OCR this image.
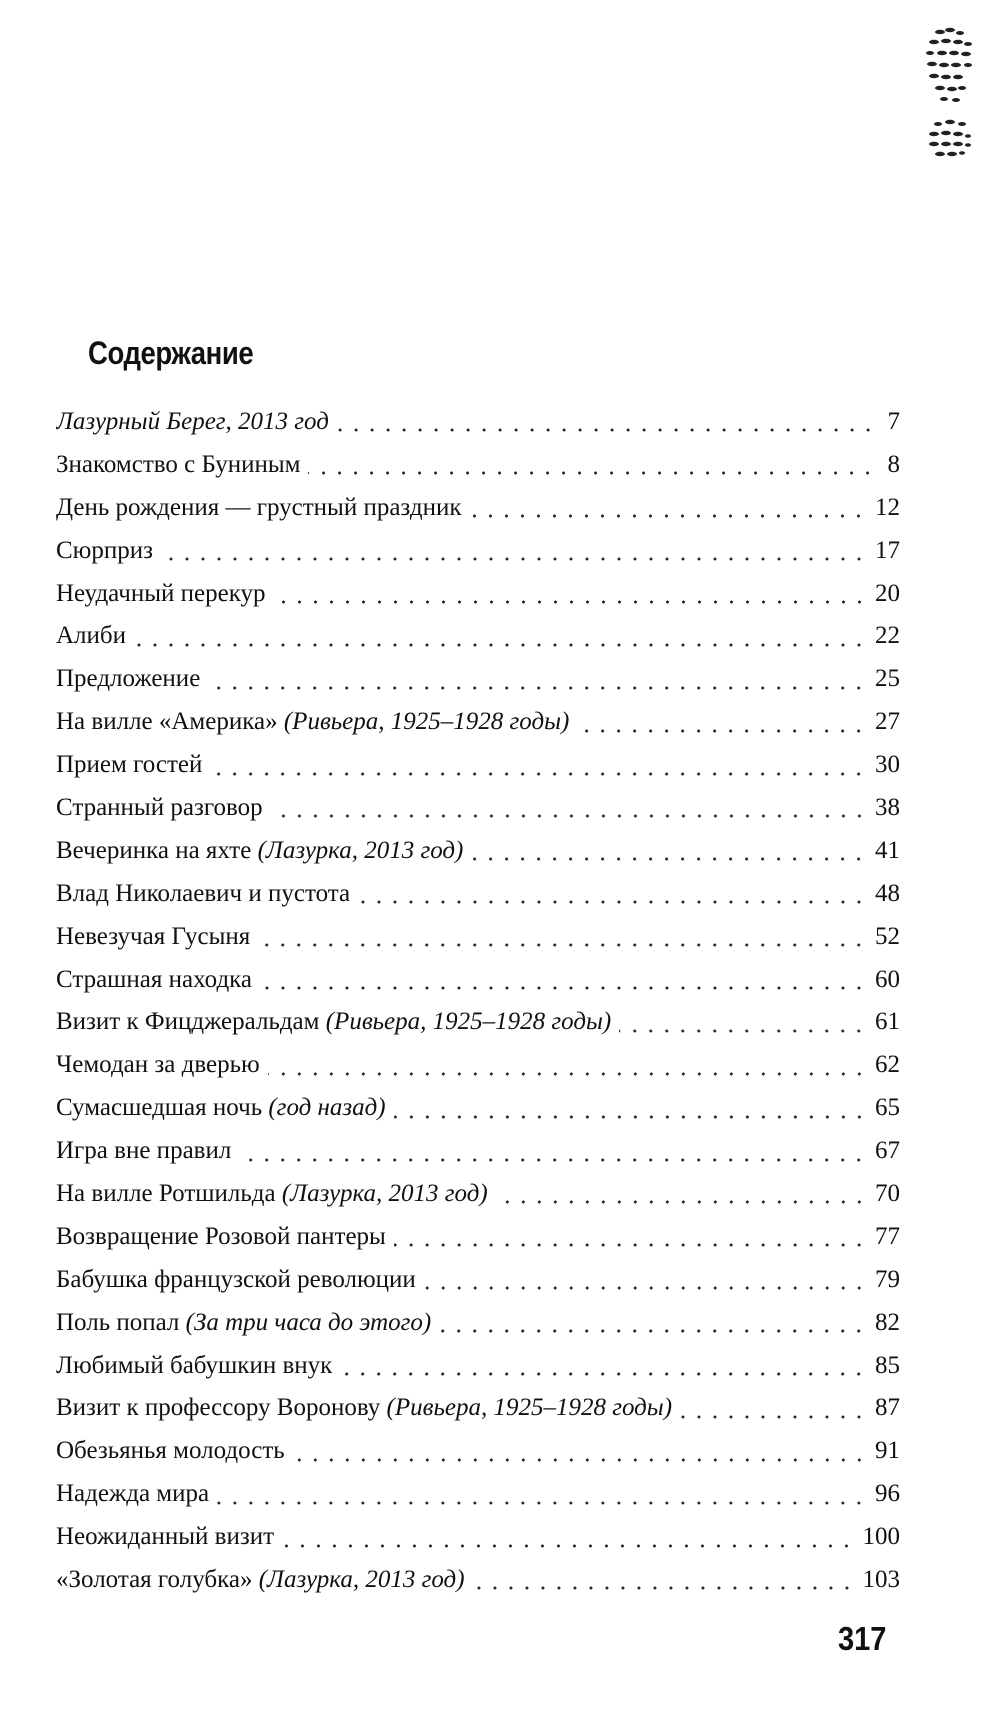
Содержание
Лазурный Берег, 2013 год	7
Знакомство с Буниным	8
День рождения — грустный праздник	12
Сюрприз	17
Неудачный перекур	20
Алиби	22
Предложение	25
На вилле «Америка» (Ривьера, 1925–1928 годы)	27
Прием гостей	30
Странный разговор	38
Вечеринка на яхте (Лазурка, 2013 год)	41
Влад Николаевич и пустота	48
Невезучая Гусыня	52
Страшная находка	60
Визит к Фицджеральдам (Ривьера, 1925–1928 годы)	61
Чемодан за дверью	62
Сумасшедшая ночь (год назад)	65
Игра вне правил	67
На вилле Ротшильда (Лазурка, 2013 год)	70
Возвращение Розовой пантеры	77
Бабушка французской революции	79
Поль попал (За три часа до этого)	82
Любимый бабушкин внук	85
Визит к профессору Воронову (Ривьера, 1925–1928 годы)	87
Обезьянья молодость	91
Надежда мира	96
Неожиданный визит	100
«Золотая голубка» (Лазурка, 2013 год)	103
317
